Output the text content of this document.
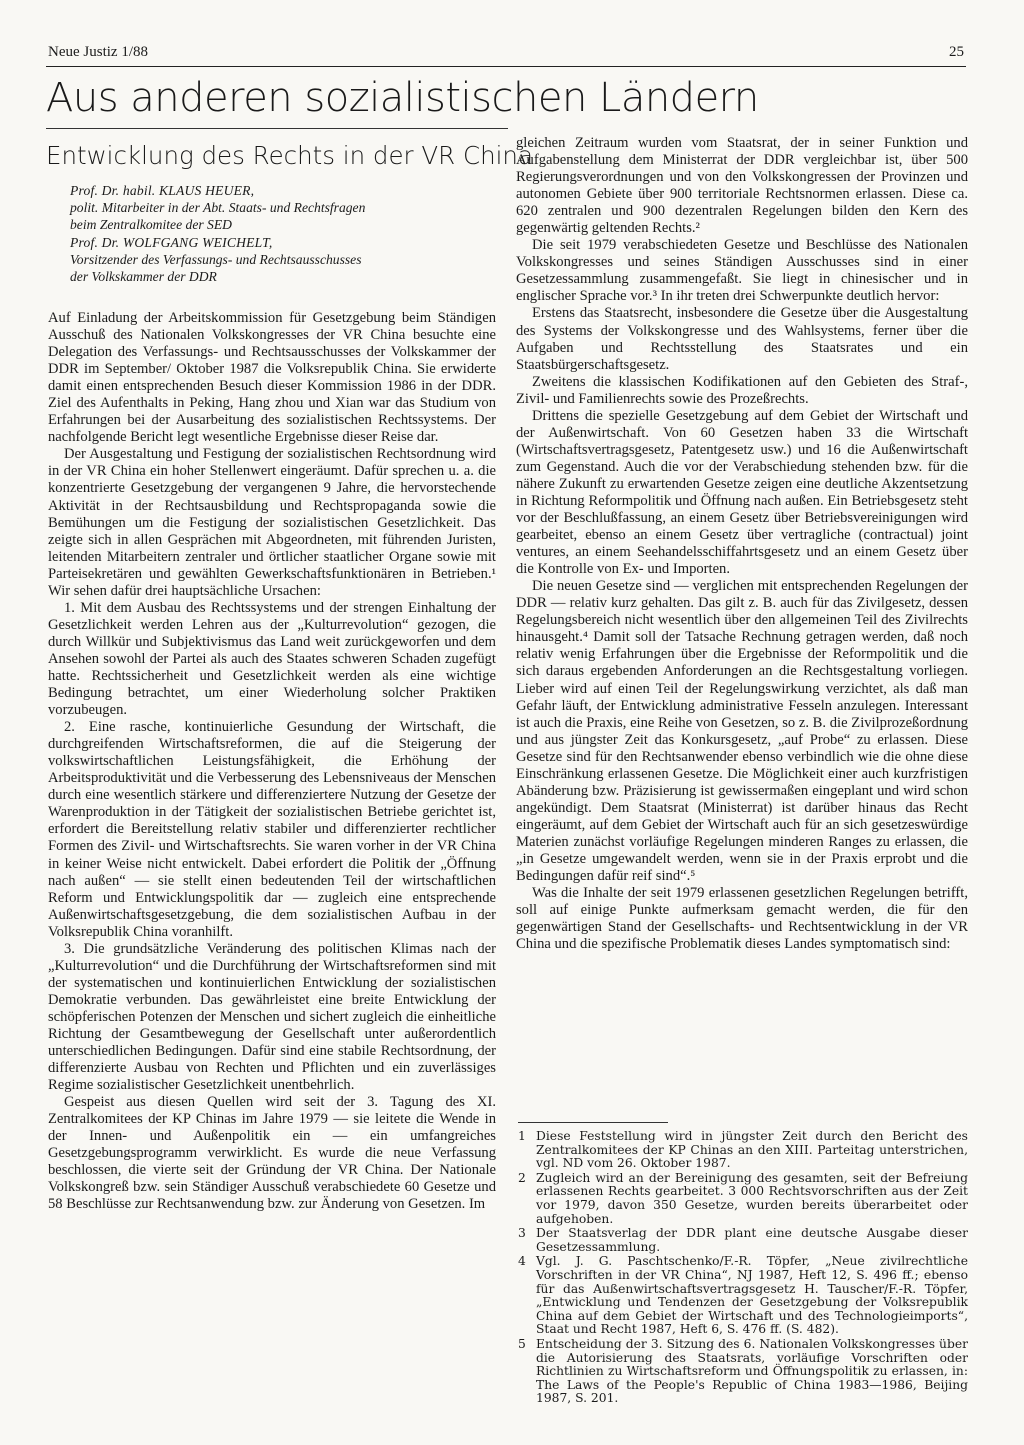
Neue Justiz 1/88	25
Aus anderen sozialistischen Ländern
Entwicklung des Rechts in der VR China
Prof. Dr. habil. KLAUS HEUER,
polit. Mitarbeiter in der Abt. Staats- und Rechtsfragen
beim Zentralkomitee der SED
Prof. Dr. WOLFGANG WEICHELT,
Vorsitzender des Verfassungs- und Rechtsausschusses
der Volkskammer der DDR

Auf Einladung der Arbeitskommission für Gesetzgebung beim Ständigen Ausschuß des Nationalen Volkskongresses der VR China besuchte eine Delegation des Verfassungs- und Rechtsausschusses der Volkskammer der DDR im September/ Oktober 1987 die Volksrepublik China. Sie erwiderte damit einen entsprechenden Besuch dieser Kommission 1986 in der DDR. Ziel des Aufenthalts in Peking, Hang zhou und Xian war das Studium von Erfahrungen bei der Ausarbeitung des sozialistischen Rechtssystems. Der nachfolgende Bericht legt wesentliche Ergebnisse dieser Reise dar.

Der Ausgestaltung und Festigung der sozialistischen Rechtsordnung wird in der VR China ein hoher Stellenwert eingeräumt. Dafür sprechen u. a. die konzentrierte Gesetzgebung der vergangenen 9 Jahre, die hervorstechende Aktivität in der Rechtsausbildung und Rechtspropaganda sowie die Bemühungen um die Festigung der sozialistischen Gesetzlichkeit. Das zeigte sich in allen Gesprächen mit Abgeordneten, mit führenden Juristen, leitenden Mitarbeitern zentraler und örtlicher staatlicher Organe sowie mit Parteisekretären und gewählten Gewerkschaftsfunktionären in Betrieben.¹ Wir sehen dafür drei hauptsächliche Ursachen:

1. Mit dem Ausbau des Rechtssystems und der strengen Einhaltung der Gesetzlichkeit werden Lehren aus der „Kulturrevolution“ gezogen, die durch Willkür und Subjektivismus das Land weit zurückgeworfen und dem Ansehen sowohl der Partei als auch des Staates schweren Schaden zugefügt hatte. Rechtssicherheit und Gesetzlichkeit werden als eine wichtige Bedingung betrachtet, um einer Wiederholung solcher Praktiken vorzubeugen.

2. Eine rasche, kontinuierliche Gesundung der Wirtschaft, die durchgreifenden Wirtschaftsreformen, die auf die Steigerung der volkswirtschaftlichen Leistungsfähigkeit, die Erhöhung der Arbeitsproduktivität und die Verbesserung des Lebensniveaus der Menschen durch eine wesentlich stärkere und differenziertere Nutzung der Gesetze der Warenproduktion in der Tätigkeit der sozialistischen Betriebe gerichtet ist, erfordert die Bereitstellung relativ stabiler und differenzierter rechtlicher Formen des Zivil- und Wirtschaftsrechts. Sie waren vorher in der VR China in keiner Weise nicht entwickelt. Dabei erfordert die Politik der „Öffnung nach außen“ — sie stellt einen bedeutenden Teil der wirtschaftlichen Reform und Entwicklungspolitik dar — zugleich eine entsprechende Außenwirtschaftsgesetzgebung, die dem sozialistischen Aufbau in der Volksrepublik China voranhilft.

3. Die grundsätzliche Veränderung des politischen Klimas nach der „Kulturrevolution“ und die Durchführung der Wirtschaftsreformen sind mit der systematischen und kontinuierlichen Entwicklung der sozialistischen Demokratie verbunden. Das gewährleistet eine breite Entwicklung der schöpferischen Potenzen der Menschen und sichert zugleich die einheitliche Richtung der Gesamtbewegung der Gesellschaft unter außerordentlich unterschiedlichen Bedingungen. Dafür sind eine stabile Rechtsordnung, der differenzierte Ausbau von Rechten und Pflichten und ein zuverlässiges Regime sozialistischer Gesetzlichkeit unentbehrlich.

Gespeist aus diesen Quellen wird seit der 3. Tagung des XI. Zentralkomitees der KP Chinas im Jahre 1979 — sie leitete die Wende in der Innen- und Außenpolitik ein — ein umfangreiches Gesetzgebungsprogramm verwirklicht. Es wurde die neue Verfassung beschlossen, die vierte seit der Gründung der VR China. Der Nationale Volkskongreß bzw. sein Ständiger Ausschuß verabschiedete 60 Gesetze und 58 Beschlüsse zur Rechtsanwendung bzw. zur Änderung von Gesetzen. Im

gleichen Zeitraum wurden vom Staatsrat, der in seiner Funktion und Aufgabenstellung dem Ministerrat der DDR vergleichbar ist, über 500 Regierungsverordnungen und von den Volkskongressen der Provinzen und autonomen Gebiete über 900 territoriale Rechtsnormen erlassen. Diese ca. 620 zentralen und 900 dezentralen Regelungen bilden den Kern des gegenwärtig geltenden Rechts.²

Die seit 1979 verabschiedeten Gesetze und Beschlüsse des Nationalen Volkskongresses und seines Ständigen Ausschusses sind in einer Gesetzessammlung zusammengefaßt. Sie liegt in chinesischer und in englischer Sprache vor.³ In ihr treten drei Schwerpunkte deutlich hervor:

Erstens das Staatsrecht, insbesondere die Gesetze über die Ausgestaltung des Systems der Volkskongresse und des Wahlsystems, ferner über die Aufgaben und Rechtsstellung des Staatsrates und ein Staatsbürgerschaftsgesetz.

Zweitens die klassischen Kodifikationen auf den Gebieten des Straf-, Zivil- und Familienrechts sowie des Prozeßrechts.

Drittens die spezielle Gesetzgebung auf dem Gebiet der Wirtschaft und der Außenwirtschaft. Von 60 Gesetzen haben 33 die Wirtschaft (Wirtschaftsvertragsgesetz, Patentgesetz usw.) und 16 die Außenwirtschaft zum Gegenstand. Auch die vor der Verabschiedung stehenden bzw. für die nähere Zukunft zu erwartenden Gesetze zeigen eine deutliche Akzentsetzung in Richtung Reformpolitik und Öffnung nach außen. Ein Betriebsgesetz steht vor der Beschlußfassung, an einem Gesetz über Betriebsvereinigungen wird gearbeitet, ebenso an einem Gesetz über vertragliche (contractual) joint ventures, an einem Seehandelsschiffahrtsgesetz und an einem Gesetz über die Kontrolle von Ex- und Importen.

Die neuen Gesetze sind — verglichen mit entsprechenden Regelungen der DDR — relativ kurz gehalten. Das gilt z. B. auch für das Zivilgesetz, dessen Regelungsbereich nicht wesentlich über den allgemeinen Teil des Zivilrechts hinausgeht.⁴ Damit soll der Tatsache Rechnung getragen werden, daß noch relativ wenig Erfahrungen über die Ergebnisse der Reformpolitik und die sich daraus ergebenden Anforderungen an die Rechtsgestaltung vorliegen. Lieber wird auf einen Teil der Regelungswirkung verzichtet, als daß man Gefahr läuft, der Entwicklung administrative Fesseln anzulegen. Interessant ist auch die Praxis, eine Reihe von Gesetzen, so z. B. die Zivilprozeßordnung und aus jüngster Zeit das Konkursgesetz, „auf Probe“ zu erlassen. Diese Gesetze sind für den Rechtsanwender ebenso verbindlich wie die ohne diese Einschränkung erlassenen Gesetze. Die Möglichkeit einer auch kurzfristigen Abänderung bzw. Präzisierung ist gewissermaßen eingeplant und wird schon angekündigt. Dem Staatsrat (Ministerrat) ist darüber hinaus das Recht eingeräumt, auf dem Gebiet der Wirtschaft auch für an sich gesetzeswürdige Materien zunächst vorläufige Regelungen minderen Ranges zu erlassen, die „in Gesetze umgewandelt werden, wenn sie in der Praxis erprobt und die Bedingungen dafür reif sind“.⁵

Was die Inhalte der seit 1979 erlassenen gesetzlichen Regelungen betrifft, soll auf einige Punkte aufmerksam gemacht werden, die für den gegenwärtigen Stand der Gesellschafts- und Rechtsentwicklung in der VR China und die spezifische Problematik dieses Landes symptomatisch sind:

1 Diese Feststellung wird in jüngster Zeit durch den Bericht des Zentralkomitees der KP Chinas an den XIII. Parteitag unterstrichen, vgl. ND vom 26. Oktober 1987.
2 Zugleich wird an der Bereinigung des gesamten, seit der Befreiung erlassenen Rechts gearbeitet. 3 000 Rechtsvorschriften aus der Zeit vor 1979, davon 350 Gesetze, wurden bereits überarbeitet oder aufgehoben.
3 Der Staatsverlag der DDR plant eine deutsche Ausgabe dieser Gesetzessammlung.
4 Vgl. J. G. Paschtschenko/F.-R. Töpfer, „Neue zivilrechtliche Vorschriften in der VR China“, NJ 1987, Heft 12, S. 496 ff.; ebenso für das Außenwirtschaftsvertragsgesetz H. Tauscher/F.-R. Töpfer, „Entwicklung und Tendenzen der Gesetzgebung der Volksrepublik China auf dem Gebiet der Wirtschaft und des Technologieimports“, Staat und Recht 1987, Heft 6, S. 476 ff. (S. 482).
5 Entscheidung der 3. Sitzung des 6. Nationalen Volkskongresses über die Autorisierung des Staatsrats, vorläufige Vorschriften oder Richtlinien zu Wirtschaftsreform und Öffnungspolitik zu erlassen, in: The Laws of the People's Republic of China 1983—1986, Beijing 1987, S. 201.
